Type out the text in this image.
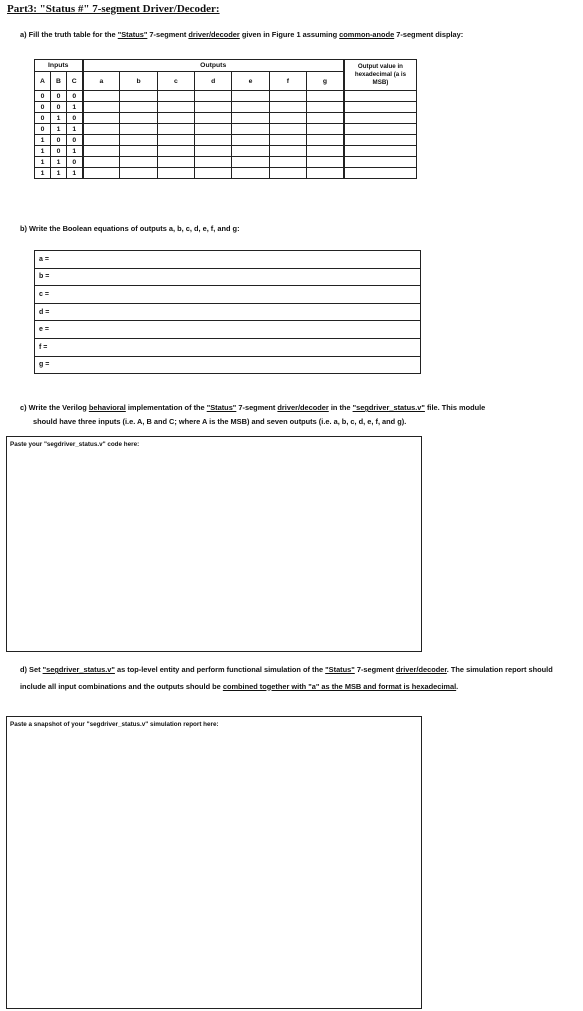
Part3: "Status #" 7-segment Driver/Decoder:
a) Fill the truth table for the "Status" 7-segment driver/decoder given in Figure 1 assuming common-anode 7-segment display:
Inputs			Outputs							Output value in hexadecimal (a is MSB)
A	B	C	a	b	c	d	e	f	g	
0	0	0								
0	0	1								
0	1	0								
0	1	1								
1	0	0								
1	0	1								
1	1	0								
1	1	1								
b) Write the Boolean equations of outputs a, b, c, d, e, f, and g:
a =
b =
c =
d =
e =
f =
g =
c) Write the Verilog behavioral implementation of the "Status" 7-segment driver/decoder in the "segdriver_status.v" file. This module
should have three inputs (i.e. A, B and C; where A is the MSB) and seven outputs (i.e. a, b, c, d, e, f, and g).
Paste your "segdriver_status.v" code here:
d) Set "segdriver_status.v" as top-level entity and perform functional simulation of the "Status" 7-segment driver/decoder. The simulation report should include all input combinations and the outputs should be combined together with "a" as the MSB and format is hexadecimal.
Paste a snapshot of your "segdriver_status.v" simulation report here:
